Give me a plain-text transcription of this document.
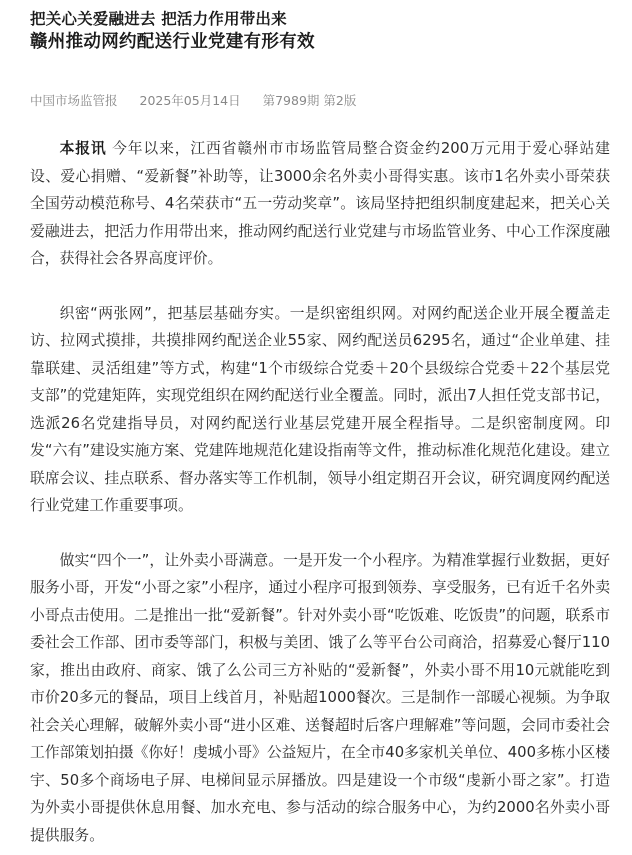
把关心关爱融进去 把活力作用带出来
赣州推动网约配送行业党建有形有效
中国市场监管报 2025年05月14日 第7989期 第2版

本报讯 今年以来，江西省赣州市市场监管局整合资金约200万元用于爱心驿站建设、爱心捐赠、“爱新餐”补助等，让3000余名外卖小哥得实惠。该市1名外卖小哥荣获全国劳动模范称号、4名荣获市“五一劳动奖章”。该局坚持把组织制度建起来，把关心关爱融进去，把活力作用带出来，推动网约配送行业党建与市场监管业务、中心工作深度融合，获得社会各界高度评价。

织密“两张网”，把基层基础夯实。一是织密组织网。对网约配送企业开展全覆盖走访、拉网式摸排，共摸排网约配送企业55家、网约配送员6295名，通过“企业单建、挂靠联建、灵活组建”等方式，构建“1个市级综合党委＋20个县级综合党委＋22个基层党支部”的党建矩阵，实现党组织在网约配送行业全覆盖。同时，派出7人担任党支部书记，选派26名党建指导员，对网约配送行业基层党建开展全程指导。二是织密制度网。印发“六有”建设实施方案、党建阵地规范化建设指南等文件，推动标准化规范化建设。建立联席会议、挂点联系、督办落实等工作机制，领导小组定期召开会议，研究调度网约配送行业党建工作重要事项。

做实“四个一”，让外卖小哥满意。一是开发一个小程序。为精准掌握行业数据，更好服务小哥，开发“小哥之家”小程序，通过小程序可报到领券、享受服务，已有近千名外卖小哥点击使用。二是推出一批“爱新餐”。针对外卖小哥“吃饭难、吃饭贵”的问题，联系市委社会工作部、团市委等部门，积极与美团、饿了么等平台公司商洽，招募爱心餐厅110家，推出由政府、商家、饿了么公司三方补贴的“爱新餐”，外卖小哥不用10元就能吃到市价20多元的餐品，项目上线首月，补贴超1000餐次。三是制作一部暖心视频。为争取社会关心理解，破解外卖小哥“进小区难、送餐超时后客户理解难”等问题，会同市委社会工作部策划拍摄《你好！虔城小哥》公益短片，在全市40多家机关单位、400多栋小区楼宇、50多个商场电子屏、电梯间显示屏播放。四是建设一个市级“虔新小哥之家”。打造为外卖小哥提供休息用餐、加水充电、参与活动的综合服务中心，为约2000名外卖小哥提供服务。
